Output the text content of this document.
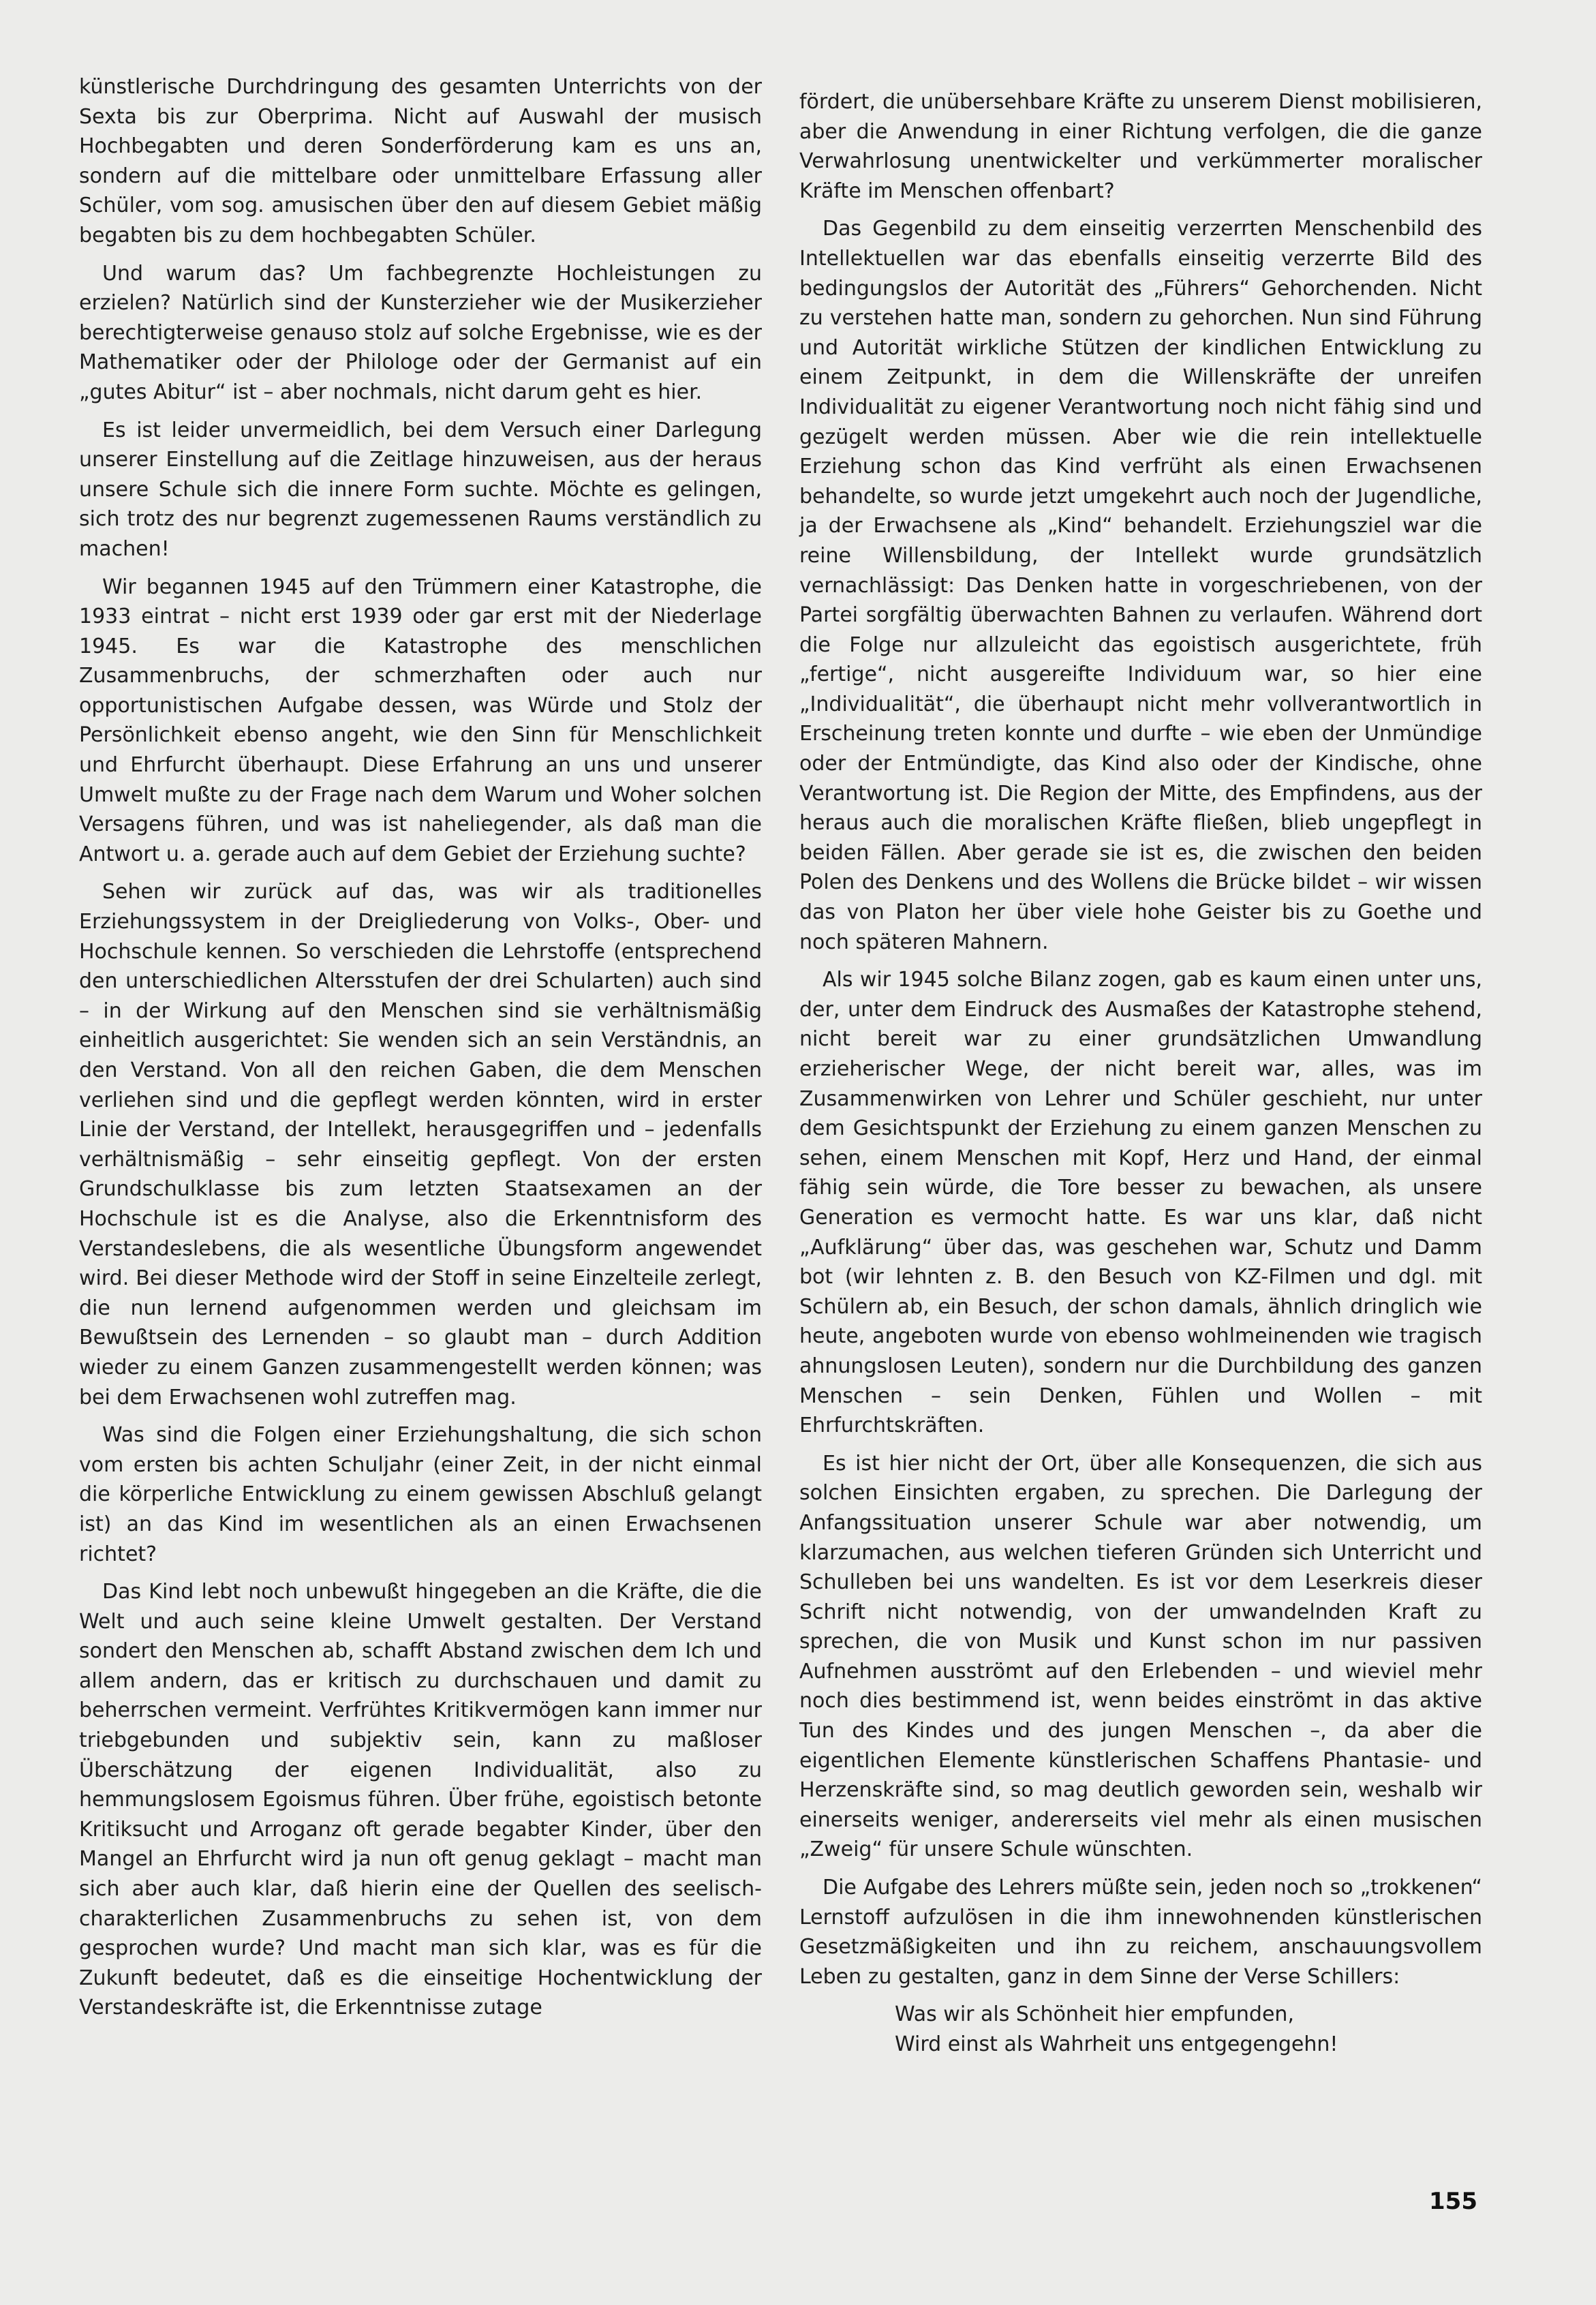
künstlerische Durchdringung des gesamten Unterrichts von der Sexta bis zur Oberprima. Nicht auf Auswahl der musisch Hochbegabten und deren Sonderförderung kam es uns an, sondern auf die mittelbare oder unmittelbare Erfassung aller Schüler, vom sog. amusischen über den auf diesem Gebiet mäßig begabten bis zu dem hochbegabten Schüler.

Und warum das? Um fachbegrenzte Hochleistungen zu erzielen? Natürlich sind der Kunsterzieher wie der Musikerzieher berechtigterweise genauso stolz auf solche Ergebnisse, wie es der Mathematiker oder der Philologe oder der Germanist auf ein „gutes Abitur“ ist – aber nochmals, nicht darum geht es hier.

Es ist leider unvermeidlich, bei dem Versuch einer Darlegung unserer Einstellung auf die Zeitlage hinzuweisen, aus der heraus unsere Schule sich die innere Form suchte. Möchte es gelingen, sich trotz des nur begrenzt zugemessenen Raums verständlich zu machen!

Wir begannen 1945 auf den Trümmern einer Katastrophe, die 1933 eintrat – nicht erst 1939 oder gar erst mit der Niederlage 1945. Es war die Katastrophe des menschlichen Zusammenbruchs, der schmerzhaften oder auch nur opportunistischen Aufgabe dessen, was Würde und Stolz der Persönlichkeit ebenso angeht, wie den Sinn für Menschlichkeit und Ehrfurcht überhaupt. Diese Erfahrung an uns und unserer Umwelt mußte zu der Frage nach dem Warum und Woher solchen Versagens führen, und was ist naheliegender, als daß man die Antwort u. a. gerade auch auf dem Gebiet der Erziehung suchte?

Sehen wir zurück auf das, was wir als traditionelles Erziehungssystem in der Dreigliederung von Volks-, Ober- und Hochschule kennen. So verschieden die Lehrstoffe (entsprechend den unterschiedlichen Altersstufen der drei Schularten) auch sind – in der Wirkung auf den Menschen sind sie verhältnismäßig einheitlich ausgerichtet: Sie wenden sich an sein Verständnis, an den Verstand. Von all den reichen Gaben, die dem Menschen verliehen sind und die gepflegt werden könnten, wird in erster Linie der Verstand, der Intellekt, herausgegriffen und – jedenfalls verhältnismäßig – sehr einseitig gepflegt. Von der ersten Grundschulklasse bis zum letzten Staatsexamen an der Hochschule ist es die Analyse, also die Erkenntnisform des Verstandeslebens, die als wesentliche Übungsform angewendet wird. Bei dieser Methode wird der Stoff in seine Einzelteile zerlegt, die nun lernend aufgenommen werden und gleichsam im Bewußtsein des Lernenden – so glaubt man – durch Addition wieder zu einem Ganzen zusammengestellt werden können; was bei dem Erwachsenen wohl zutreffen mag.

Was sind die Folgen einer Erziehungshaltung, die sich schon vom ersten bis achten Schuljahr (einer Zeit, in der nicht einmal die körperliche Entwicklung zu einem gewissen Abschluß gelangt ist) an das Kind im wesentlichen als an einen Erwachsenen richtet?

Das Kind lebt noch unbewußt hingegeben an die Kräfte, die die Welt und auch seine kleine Umwelt gestalten. Der Verstand sondert den Menschen ab, schafft Abstand zwischen dem Ich und allem andern, das er kritisch zu durchschauen und damit zu beherrschen vermeint. Verfrühtes Kritikvermögen kann immer nur triebgebunden und subjektiv sein, kann zu maßloser Überschätzung der eigenen Individualität, also zu hemmungslosem Egoismus führen. Über frühe, egoistisch betonte Kritiksucht und Arroganz oft gerade begabter Kinder, über den Mangel an Ehrfurcht wird ja nun oft genug geklagt – macht man sich aber auch klar, daß hierin eine der Quellen des seelisch-charakterlichen Zusammenbruchs zu sehen ist, von dem gesprochen wurde? Und macht man sich klar, was es für die Zukunft bedeutet, daß es die einseitige Hochentwicklung der Verstandeskräfte ist, die Erkenntnisse zutage

fördert, die unübersehbare Kräfte zu unserem Dienst mobilisieren, aber die Anwendung in einer Richtung verfolgen, die die ganze Verwahrlosung unentwickelter und verkümmerter moralischer Kräfte im Menschen offenbart?

Das Gegenbild zu dem einseitig verzerrten Menschenbild des Intellektuellen war das ebenfalls einseitig verzerrte Bild des bedingungslos der Autorität des „Führers“ Gehorchenden. Nicht zu verstehen hatte man, sondern zu gehorchen. Nun sind Führung und Autorität wirkliche Stützen der kindlichen Entwicklung zu einem Zeitpunkt, in dem die Willenskräfte der unreifen Individualität zu eigener Verantwortung noch nicht fähig sind und gezügelt werden müssen. Aber wie die rein intellektuelle Erziehung schon das Kind verfrüht als einen Erwachsenen behandelte, so wurde jetzt umgekehrt auch noch der Jugendliche, ja der Erwachsene als „Kind“ behandelt. Erziehungsziel war die reine Willensbildung, der Intellekt wurde grundsätzlich vernachlässigt: Das Denken hatte in vorgeschriebenen, von der Partei sorgfältig überwachten Bahnen zu verlaufen. Während dort die Folge nur allzuleicht das egoistisch ausgerichtete, früh „fertige“, nicht ausgereifte Individuum war, so hier eine „Individualität“, die überhaupt nicht mehr vollverantwortlich in Erscheinung treten konnte und durfte – wie eben der Unmündige oder der Entmündigte, das Kind also oder der Kindische, ohne Verantwortung ist. Die Region der Mitte, des Empfindens, aus der heraus auch die moralischen Kräfte fließen, blieb ungepflegt in beiden Fällen. Aber gerade sie ist es, die zwischen den beiden Polen des Denkens und des Wollens die Brücke bildet – wir wissen das von Platon her über viele hohe Geister bis zu Goethe und noch späteren Mahnern.

Als wir 1945 solche Bilanz zogen, gab es kaum einen unter uns, der, unter dem Eindruck des Ausmaßes der Katastrophe stehend, nicht bereit war zu einer grundsätzlichen Umwandlung erzieherischer Wege, der nicht bereit war, alles, was im Zusammenwirken von Lehrer und Schüler geschieht, nur unter dem Gesichtspunkt der Erziehung zu einem ganzen Menschen zu sehen, einem Menschen mit Kopf, Herz und Hand, der einmal fähig sein würde, die Tore besser zu bewachen, als unsere Generation es vermocht hatte. Es war uns klar, daß nicht „Aufklärung“ über das, was geschehen war, Schutz und Damm bot (wir lehnten z. B. den Besuch von KZ-Filmen und dgl. mit Schülern ab, ein Besuch, der schon damals, ähnlich dringlich wie heute, angeboten wurde von ebenso wohlmeinenden wie tragisch ahnungslosen Leuten), sondern nur die Durchbildung des ganzen Menschen – sein Denken, Fühlen und Wollen – mit Ehrfurchtskräften.

Es ist hier nicht der Ort, über alle Konsequenzen, die sich aus solchen Einsichten ergaben, zu sprechen. Die Darlegung der Anfangssituation unserer Schule war aber notwendig, um klarzumachen, aus welchen tieferen Gründen sich Unterricht und Schulleben bei uns wandelten. Es ist vor dem Leserkreis dieser Schrift nicht notwendig, von der umwandelnden Kraft zu sprechen, die von Musik und Kunst schon im nur passiven Aufnehmen ausströmt auf den Erlebenden – und wieviel mehr noch dies bestimmend ist, wenn beides einströmt in das aktive Tun des Kindes und des jungen Menschen –, da aber die eigentlichen Elemente künstlerischen Schaffens Phantasie- und Herzenskräfte sind, so mag deutlich geworden sein, weshalb wir einerseits weniger, andererseits viel mehr als einen musischen „Zweig“ für unsere Schule wünschten.

Die Aufgabe des Lehrers müßte sein, jeden noch so „trokkenen“ Lernstoff aufzulösen in die ihm innewohnenden künstlerischen Gesetzmäßigkeiten und ihn zu reichem, anschauungsvollem Leben zu gestalten, ganz in dem Sinne der Verse Schillers:

Was wir als Schönheit hier empfunden,
Wird einst als Wahrheit uns entgegengehn!
155
